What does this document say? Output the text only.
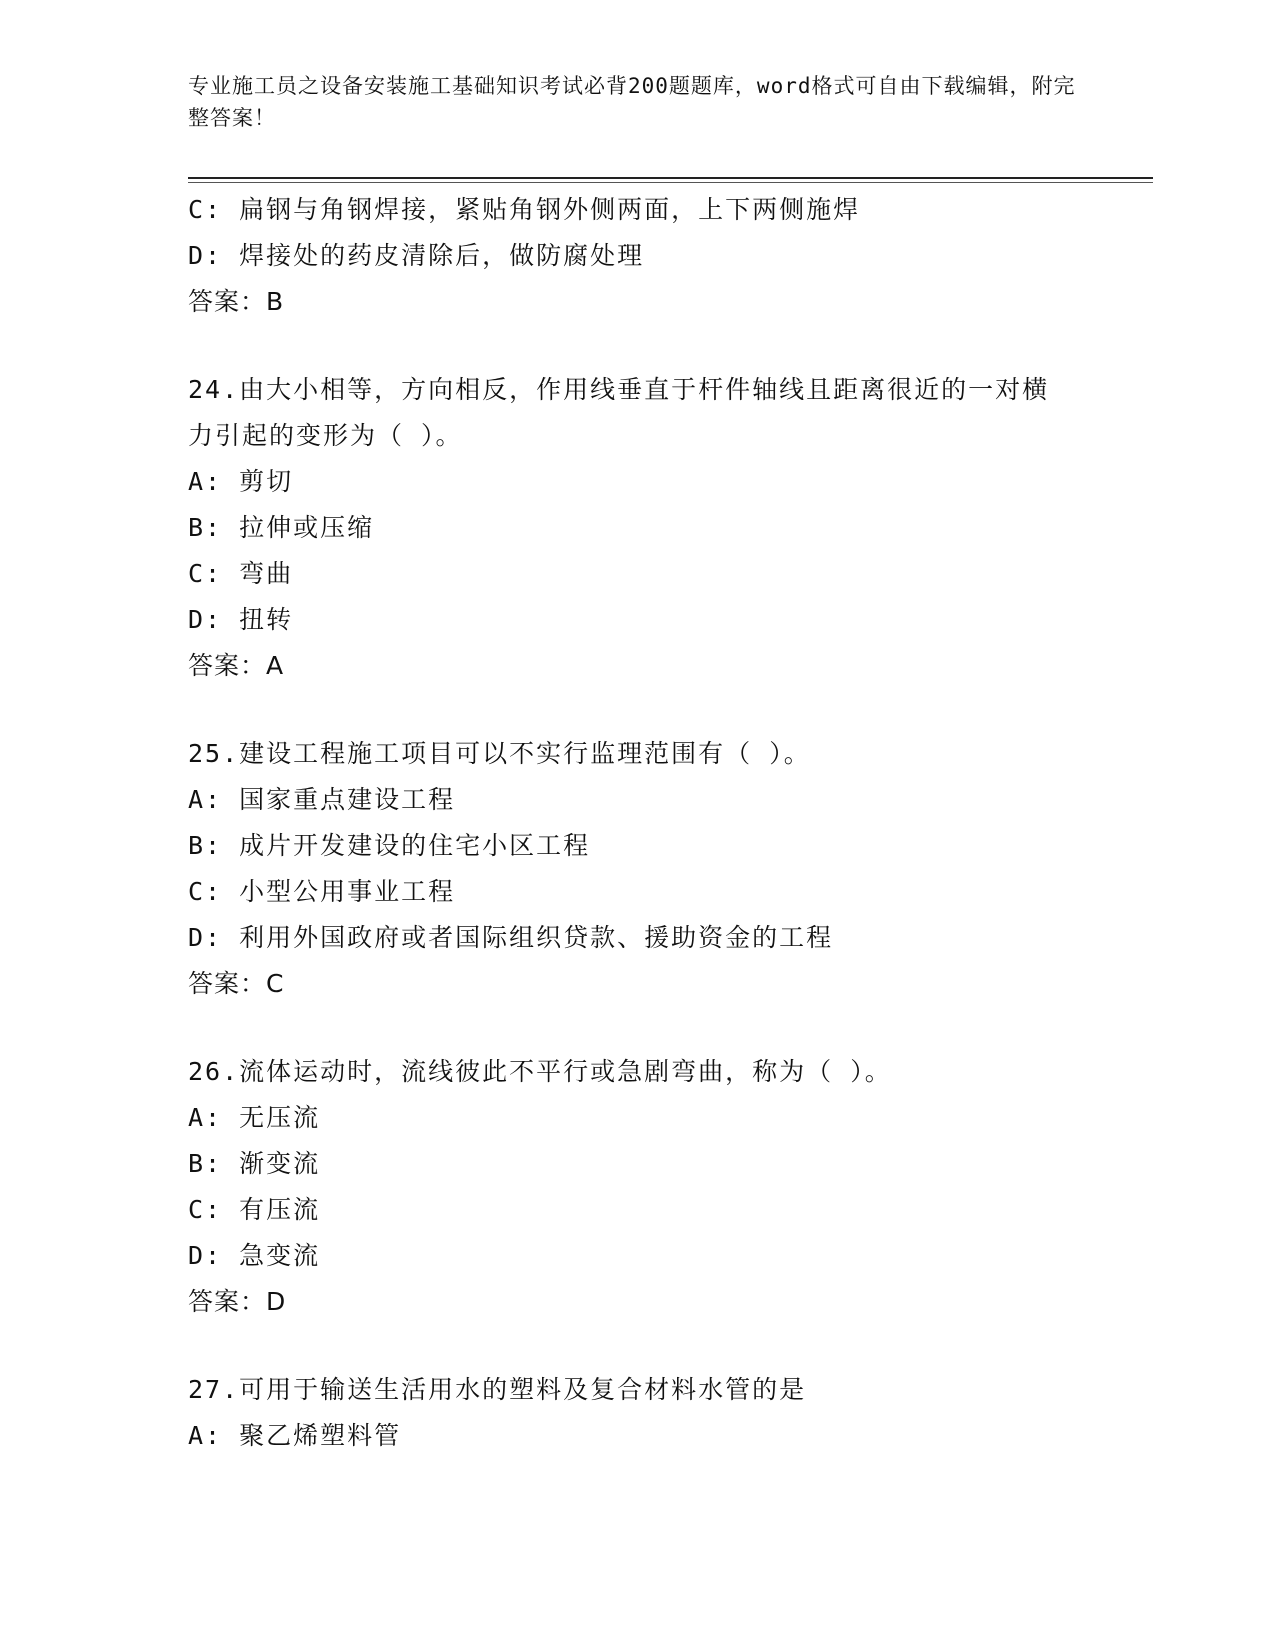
专业施工员之设备安装施工基础知识考试必背200题题库，word格式可自由下载编辑，附完整答案！
C: 扁钢与角钢焊接，紧贴角钢外侧两面，上下两侧施焊
D: 焊接处的药皮清除后，做防腐处理
答案：B
24.由大小相等，方向相反，作用线垂直于杆件轴线且距离很近的一对横力引起的变形为（ ）。
A: 剪切
B: 拉伸或压缩
C: 弯曲
D: 扭转
答案：A
25.建设工程施工项目可以不实行监理范围有（ ）。
A: 国家重点建设工程
B: 成片开发建设的住宅小区工程
C: 小型公用事业工程
D: 利用外国政府或者国际组织贷款、援助资金的工程
答案：C
26.流体运动时，流线彼此不平行或急剧弯曲，称为（ ）。
A: 无压流
B: 渐变流
C: 有压流
D: 急变流
答案：D
27.可用于输送生活用水的塑料及复合材料水管的是
A: 聚乙烯塑料管
